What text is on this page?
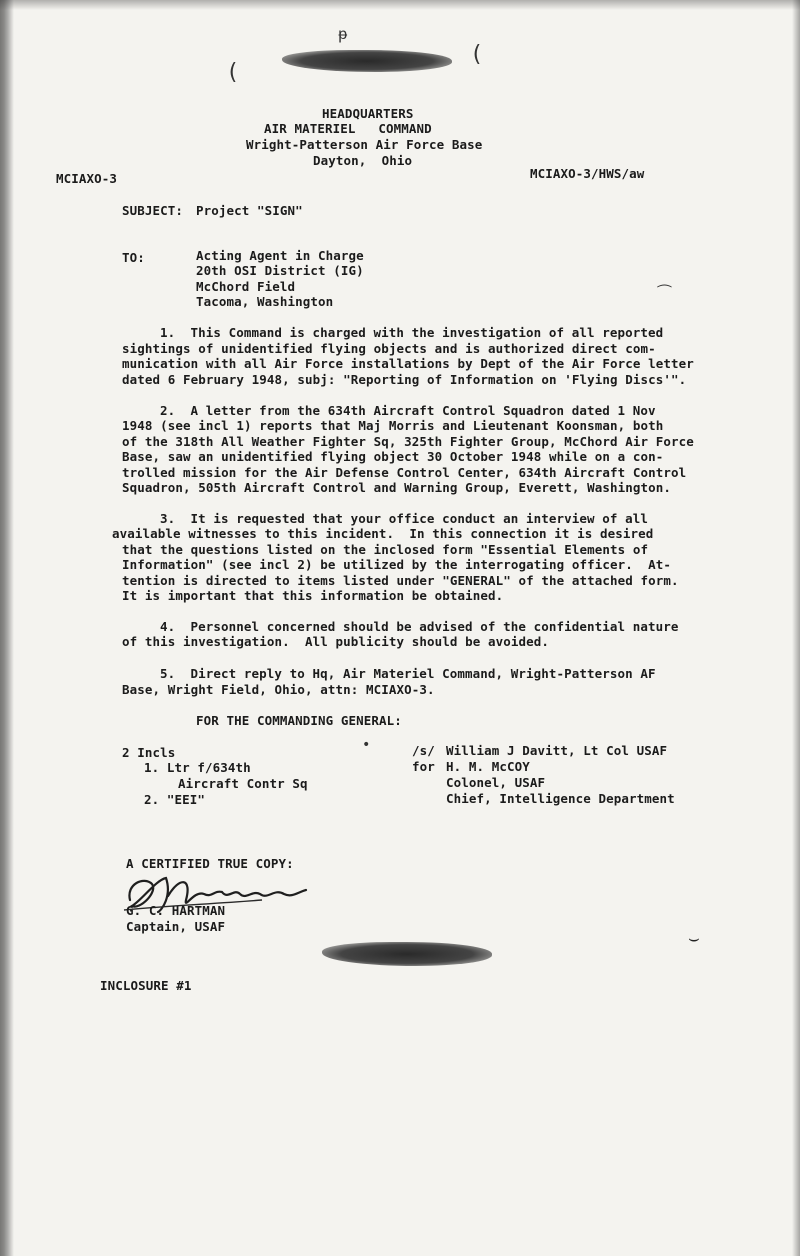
(
(
ᵽ
HEADQUARTERS
AIR MATERIEL   COMMAND
Wright-Patterson Air Force Base
Dayton,  Ohio
MCIAXO-3	MCIAXO-3/HWS/aw
SUBJECT: Project "SIGN"
TO:	Acting Agent in Charge
20th OSI District (IG)
McChord Field
Tacoma, Washington	⁀
1.  This Command is charged with the investigation of all reported
sightings of unidentified flying objects and is authorized direct com-
munication with all Air Force installations by Dept of the Air Force letter
dated 6 February 1948, subj: "Reporting of Information on 'Flying Discs'".
2.  A letter from the 634th Aircraft Control Squadron dated 1 Nov
1948 (see incl 1) reports that Maj Morris and Lieutenant Koonsman, both
of the 318th All Weather Fighter Sq, 325th Fighter Group, McChord Air Force
Base, saw an unidentified flying object 30 October 1948 while on a con-
trolled mission for the Air Defense Control Center, 634th Aircraft Control
Squadron, 505th Aircraft Control and Warning Group, Everett, Washington.
3.  It is requested that your office conduct an interview of all
available witnesses to this incident.  In this connection it is desired
that the questions listed on the inclosed form "Essential Elements of
Information" (see incl 2) be utilized by the interrogating officer.  At-
tention is directed to items listed under "GENERAL" of the attached form.
It is important that this information be obtained.
4.  Personnel concerned should be advised of the confidential nature
of this investigation.  All publicity should be avoided.
5.  Direct reply to Hq, Air Materiel Command, Wright-Patterson AF
Base, Wright Field, Ohio, attn: MCIAXO-3.
FOR THE COMMANDING GENERAL:
2 Incls
1. Ltr f/634th
Aircraft Contr Sq
2. "EEI"
/s/
for
William J Davitt, Lt Col USAF
H. M. McCOY
Colonel, USAF
Chief, Intelligence Department
•
A CERTIFIED TRUE COPY:
G. C. HARTMAN
Captain, USAF
⌣
INCLOSURE #1
